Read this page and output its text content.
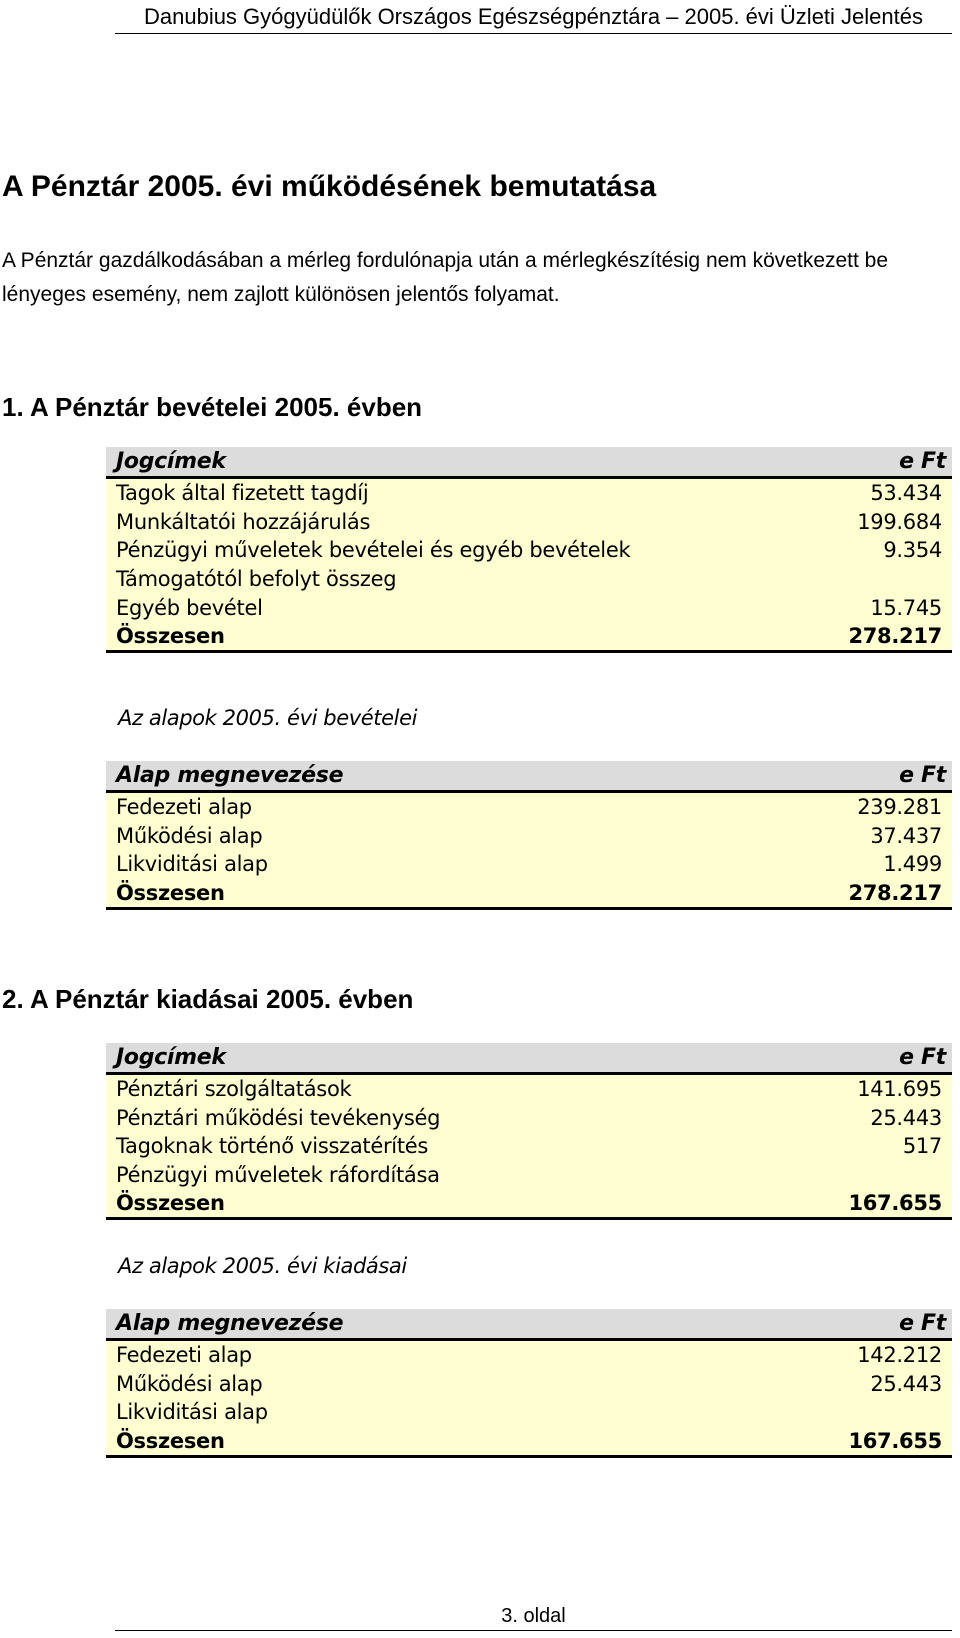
Danubius Gyógyüdülők Országos Egészségpénztára – 2005. évi Üzleti Jelentés
A Pénztár 2005. évi működésének bemutatása

A Pénztár gazdálkodásában a mérleg fordulónapja után a mérlegkészítésig nem következett be lényeges esemény, nem zajlott különösen jelentős folyamat.

1. A Pénztár bevételei 2005. évben
Jogcímek	e Ft
Tagok által fizetett tagdíj	53.434
Munkáltatói hozzájárulás	199.684
Pénzügyi műveletek bevételei és egyéb bevételek	9.354
Támogatótól befolyt összeg
Egyéb bevétel	15.745
Összesen	278.217
Az alapok 2005. évi bevételei
Alap megnevezése	e Ft
Fedezeti alap	239.281
Működési alap	37.437
Likviditási alap	1.499
Összesen	278.217
2. A Pénztár kiadásai 2005. évben
Jogcímek	e Ft
Pénztári szolgáltatások	141.695
Pénztári működési tevékenység	25.443
Tagoknak történő visszatérítés	517
Pénzügyi műveletek ráfordítása
Összesen	167.655
Az alapok 2005. évi kiadásai
Alap megnevezése	e Ft
Fedezeti alap	142.212
Működési alap	25.443
Likviditási alap
Összesen	167.655
3. oldal
